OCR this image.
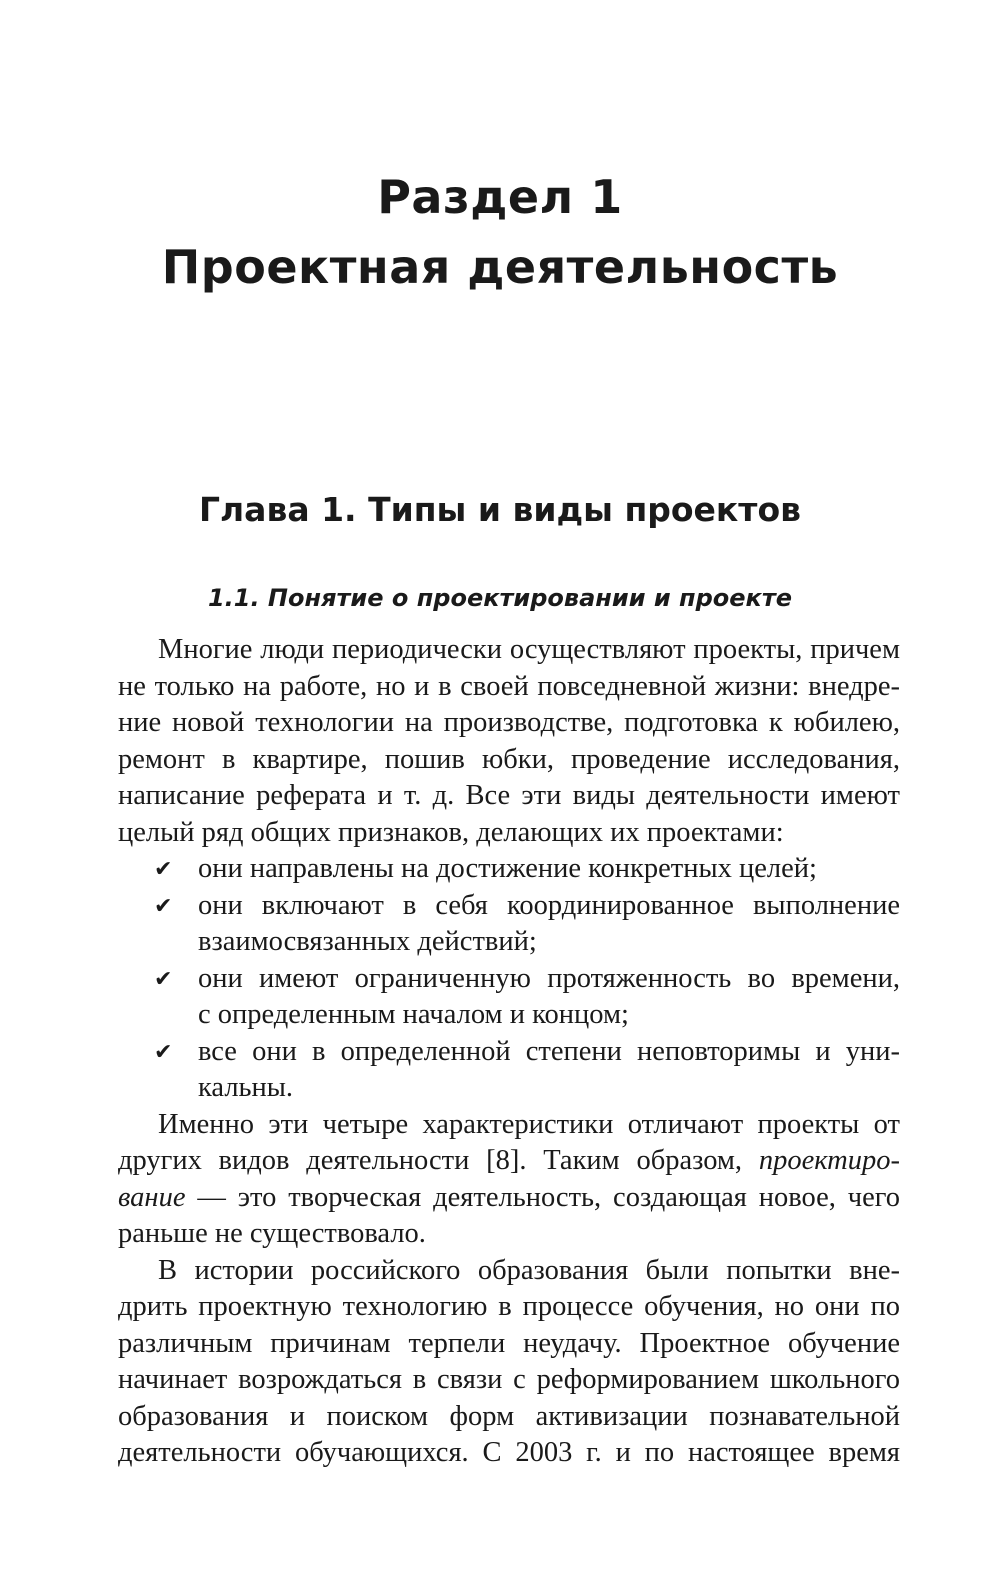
Раздел 1
Проектная деятельность
Глава 1. Типы и виды проектов
1.1. Понятие о проектировании и проекте
Многие люди периодически осуществляют проекты, причем
не только на работе, но и в своей повседневной жизни: внедре-
ние новой технологии на производстве, подготовка к юбилею,
ремонт в квартире, пошив юбки, проведение исследования,
написание реферата и т. д. Все эти виды деятельности имеют
целый ряд общих признаков, делающих их проектами:
✔ они направлены на достижение конкретных целей;
✔ они включают в себя координированное выполнение
взаимосвязанных действий;
✔ они имеют ограниченную протяженность во времени,
с определенным началом и концом;
✔ все они в определенной степени неповторимы и уни-
кальны.
Именно эти четыре характеристики отличают проекты от
других видов деятельности [8]. Таким образом, проектиро-
вание — это творческая деятельность, создающая новое, чего
раньше не существовало.
В истории российского образования были попытки вне-
дрить проектную технологию в процессе обучения, но они по
различным причинам терпели неудачу. Проектное обучение
начинает возрождаться в связи с реформированием школьного
образования и поиском форм активизации познавательной
деятельности обучающихся. С 2003 г. и по настоящее время
